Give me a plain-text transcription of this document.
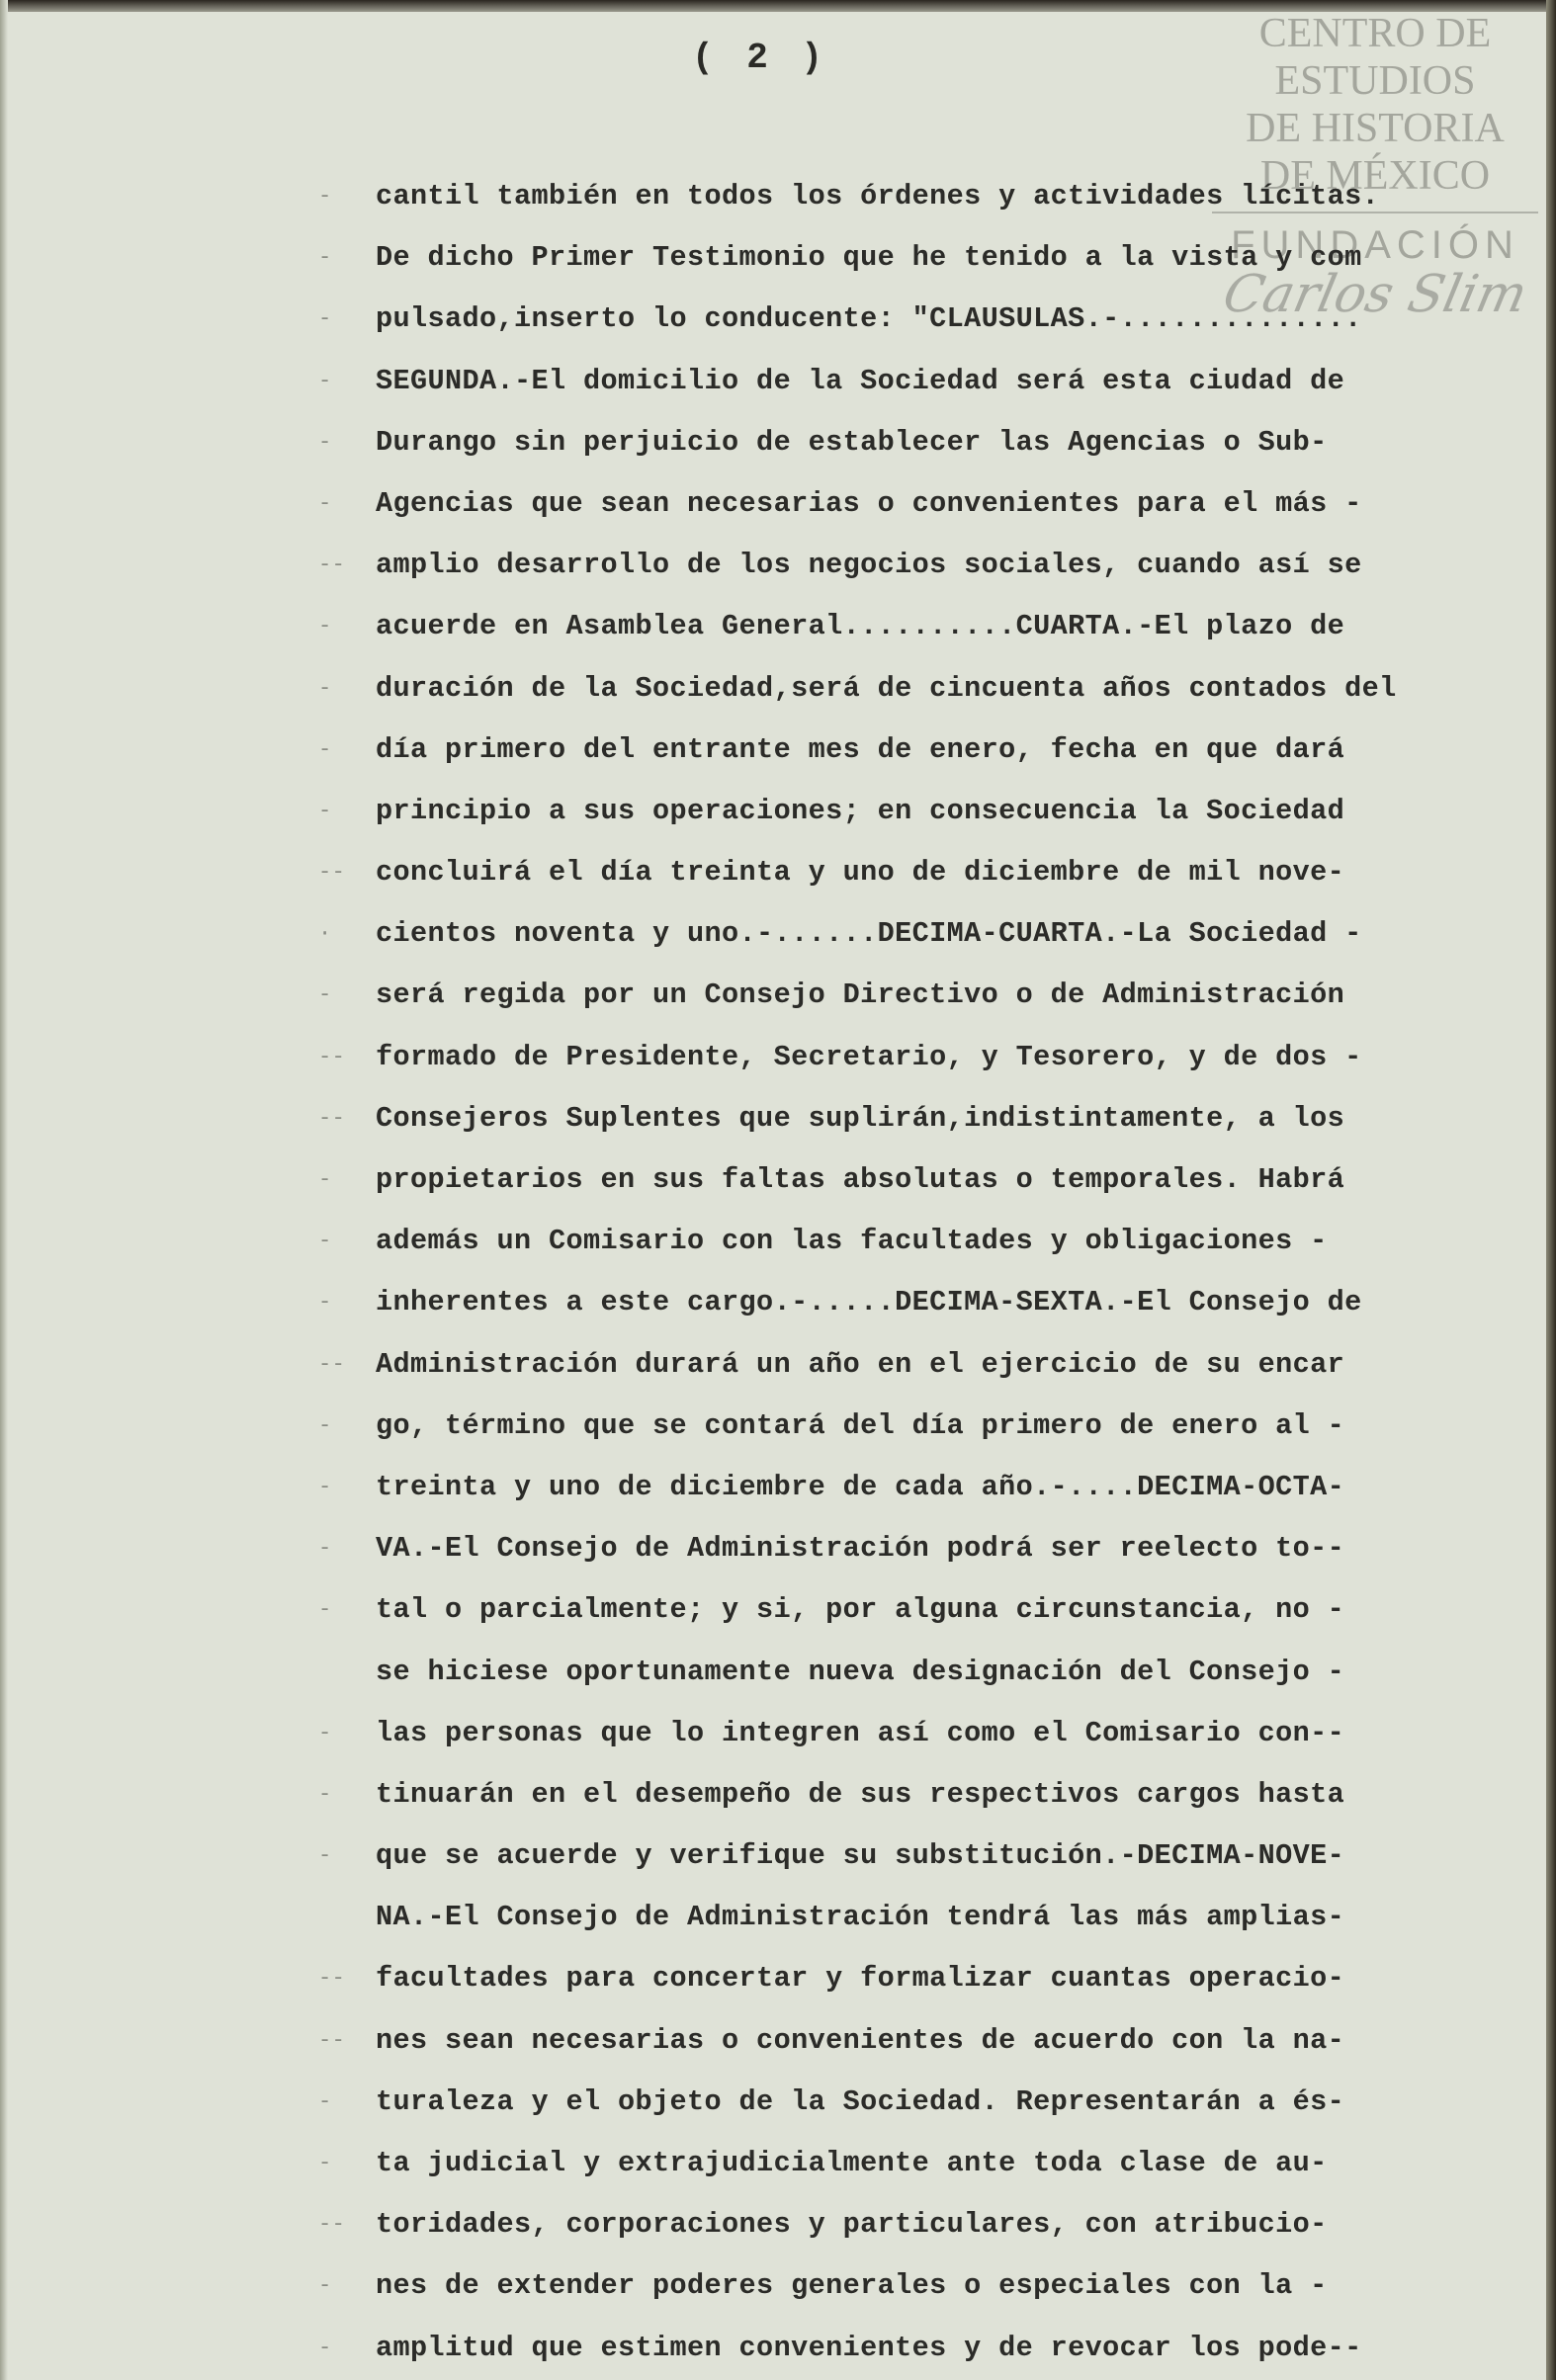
( 2 )
CENTRO DE
ESTUDIOS
DE HISTORIA
DE MÉXICO
FUNDACIÓN
Carlos Slim
- cantil también en todos los órdenes y actividades lícitas.
- De dicho Primer Testimonio que he tenido a la vista y com
- pulsado,inserto lo conducente: "CLAUSULAS.-..............
- SEGUNDA.-El domicilio de la Sociedad será esta ciudad de
- Durango sin perjuicio de establecer las Agencias o Sub-
- Agencias que sean necesarias o convenientes para el más -
-- amplio desarrollo de los negocios sociales, cuando así se
- acuerde en Asamblea General..........CUARTA.-El plazo de
- duración de la Sociedad,será de cincuenta años contados del
- día primero del entrante mes de enero, fecha en que dará
- principio a sus operaciones; en consecuencia la Sociedad
-- concluirá el día treinta y uno de diciembre de mil nove-
· cientos noventa y uno.-......DECIMA-CUARTA.-La Sociedad -
- será regida por un Consejo Directivo o de Administración
-- formado de Presidente, Secretario, y Tesorero, y de dos -
-- Consejeros Suplentes que suplirán,indistintamente, a los
- propietarios en sus faltas absolutas o temporales. Habrá
- además un Comisario con las facultades y obligaciones -
- inherentes a este cargo.-.....DECIMA-SEXTA.-El Consejo de
-- Administración durará un año en el ejercicio de su encar
- go, término que se contará del día primero de enero al -
- treinta y uno de diciembre de cada año.-....DECIMA-OCTA-
- VA.-El Consejo de Administración podrá ser reelecto to--
- tal o parcialmente; y si, por alguna circunstancia, no -
se hiciese oportunamente nueva designación del Consejo -
- las personas que lo integren así como el Comisario con--
- tinuarán en el desempeño de sus respectivos cargos hasta
- que se acuerde y verifique su substitución.-DECIMA-NOVE-
NA.-El Consejo de Administración tendrá las más amplias-
-- facultades para concertar y formalizar cuantas operacio-
-- nes sean necesarias o convenientes de acuerdo con la na-
- turaleza y el objeto de la Sociedad. Representarán a és-
- ta judicial y extrajudicialmente ante toda clase de au-
-- toridades, corporaciones y particulares, con atribucio-
- nes de extender poderes generales o especiales con la -
- amplitud que estimen convenientes y de revocar los pode--
